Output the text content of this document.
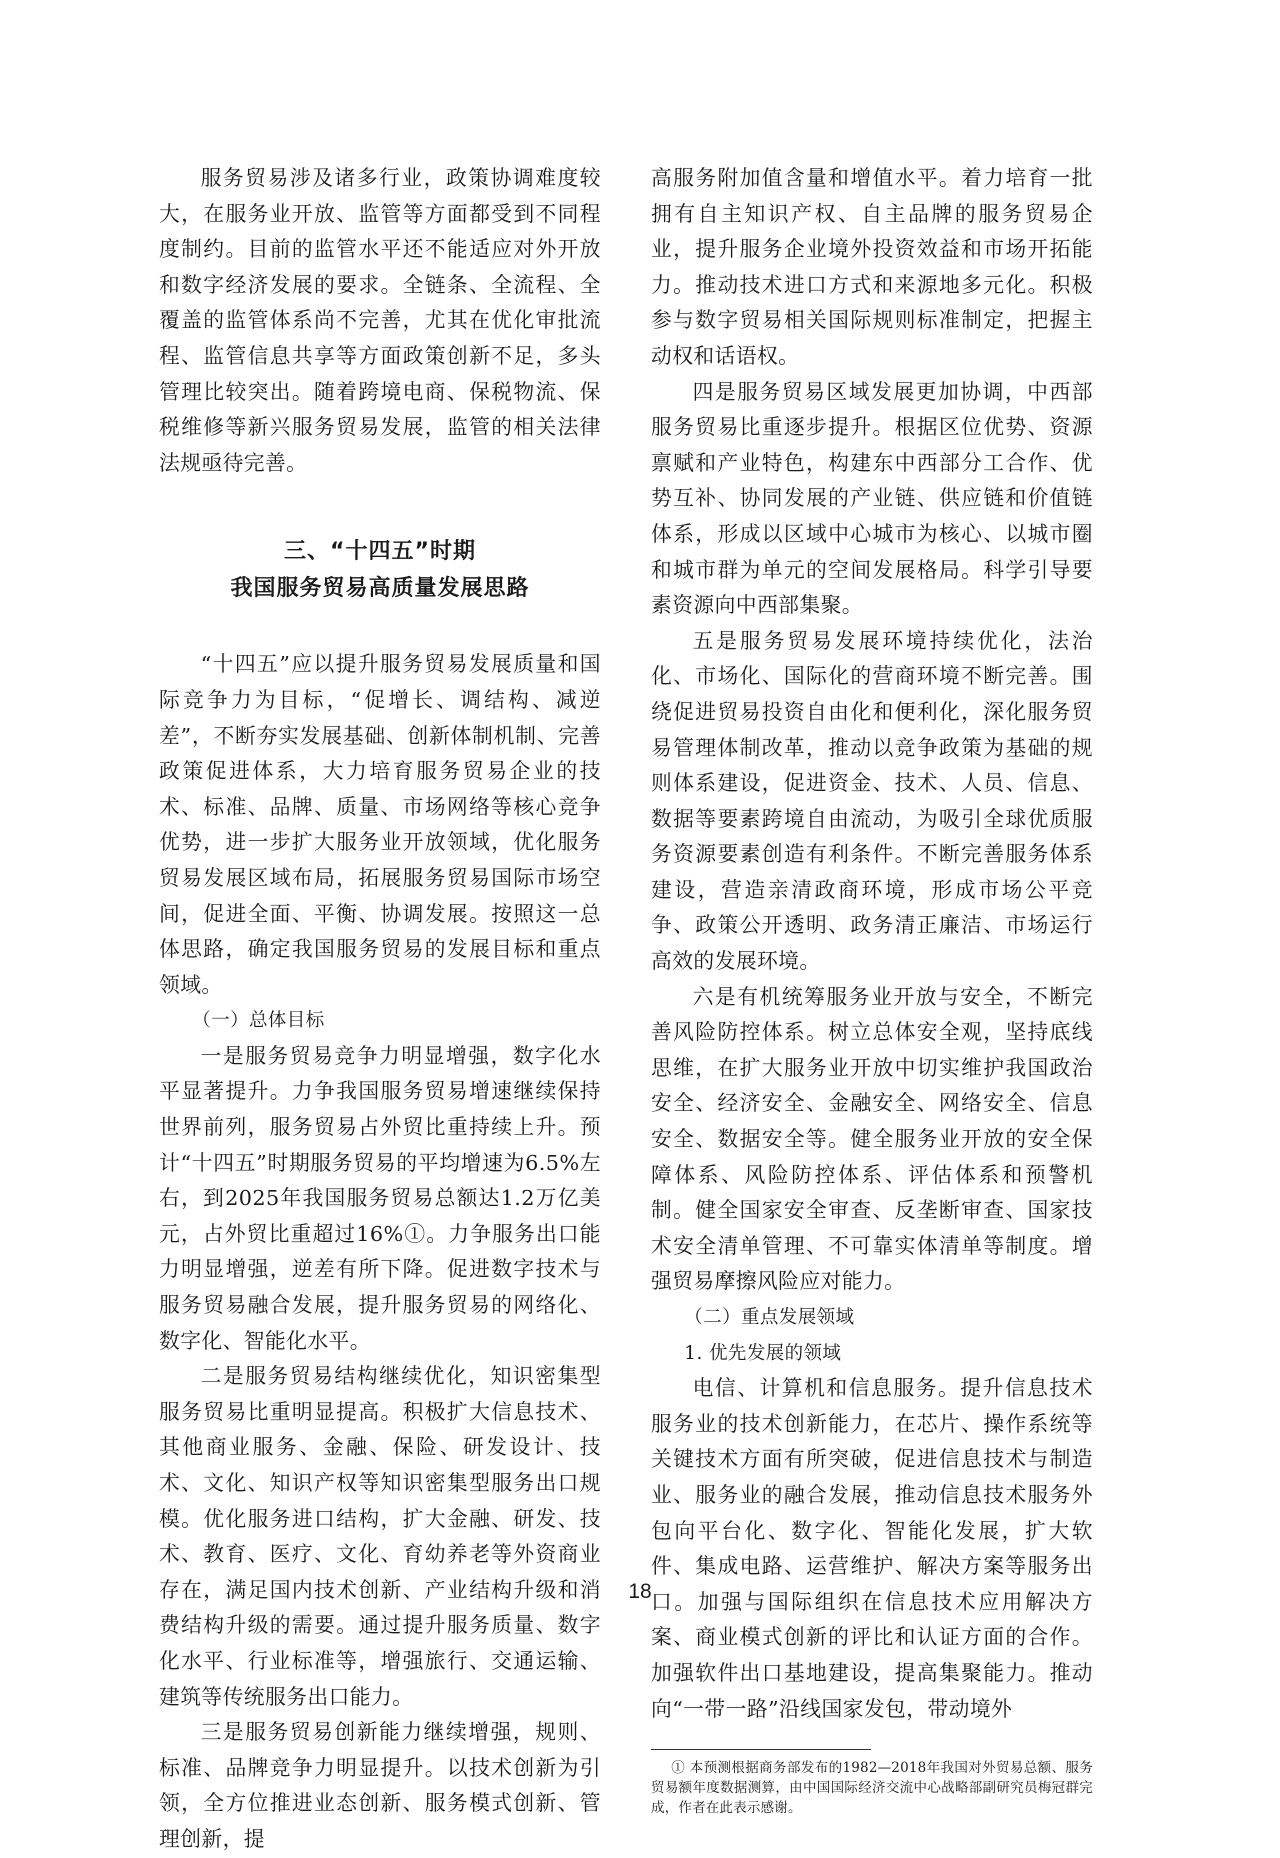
服务贸易涉及诸多行业，政策协调难度较大，在服务业开放、监管等方面都受到不同程度制约。目前的监管水平还不能适应对外开放和数字经济发展的要求。全链条、全流程、全覆盖的监管体系尚不完善，尤其在优化审批流程、监管信息共享等方面政策创新不足，多头管理比较突出。随着跨境电商、保税物流、保税维修等新兴服务贸易发展，监管的相关法律法规亟待完善。

三、“十四五”时期
我国服务贸易高质量发展思路

“十四五”应以提升服务贸易发展质量和国际竞争力为目标，“促增长、调结构、减逆差”，不断夯实发展基础、创新体制机制、完善政策促进体系，大力培育服务贸易企业的技术、标准、品牌、质量、市场网络等核心竞争优势，进一步扩大服务业开放领域，优化服务贸易发展区域布局，拓展服务贸易国际市场空间，促进全面、平衡、协调发展。按照这一总体思路，确定我国服务贸易的发展目标和重点领域。

（一）总体目标

一是服务贸易竞争力明显增强，数字化水平显著提升。力争我国服务贸易增速继续保持世界前列，服务贸易占外贸比重持续上升。预计“十四五”时期服务贸易的平均增速为6.5%左右，到2025年我国服务贸易总额达1.2万亿美元，占外贸比重超过16%①。力争服务出口能力明显增强，逆差有所下降。促进数字技术与服务贸易融合发展，提升服务贸易的网络化、数字化、智能化水平。

二是服务贸易结构继续优化，知识密集型服务贸易比重明显提高。积极扩大信息技术、其他商业服务、金融、保险、研发设计、技术、文化、知识产权等知识密集型服务出口规模。优化服务进口结构，扩大金融、研发、技术、教育、医疗、文化、育幼养老等外资商业存在，满足国内技术创新、产业结构升级和消费结构升级的需要。通过提升服务质量、数字化水平、行业标准等，增强旅行、交通运输、建筑等传统服务出口能力。

三是服务贸易创新能力继续增强，规则、标准、品牌竞争力明显提升。以技术创新为引领，全方位推进业态创新、服务模式创新、管理创新，提

高服务附加值含量和增值水平。着力培育一批拥有自主知识产权、自主品牌的服务贸易企业，提升服务企业境外投资效益和市场开拓能力。推动技术进口方式和来源地多元化。积极参与数字贸易相关国际规则标准制定，把握主动权和话语权。

四是服务贸易区域发展更加协调，中西部服务贸易比重逐步提升。根据区位优势、资源禀赋和产业特色，构建东中西部分工合作、优势互补、协同发展的产业链、供应链和价值链体系，形成以区域中心城市为核心、以城市圈和城市群为单元的空间发展格局。科学引导要素资源向中西部集聚。

五是服务贸易发展环境持续优化，法治化、市场化、国际化的营商环境不断完善。围绕促进贸易投资自由化和便利化，深化服务贸易管理体制改革，推动以竞争政策为基础的规则体系建设，促进资金、技术、人员、信息、数据等要素跨境自由流动，为吸引全球优质服务资源要素创造有利条件。不断完善服务体系建设，营造亲清政商环境，形成市场公平竞争、政策公开透明、政务清正廉洁、市场运行高效的发展环境。

六是有机统筹服务业开放与安全，不断完善风险防控体系。树立总体安全观，坚持底线思维，在扩大服务业开放中切实维护我国政治安全、经济安全、金融安全、网络安全、信息安全、数据安全等。健全服务业开放的安全保障体系、风险防控体系、评估体系和预警机制。健全国家安全审查、反垄断审查、国家技术安全清单管理、不可靠实体清单等制度。增强贸易摩擦风险应对能力。

（二）重点发展领域

1. 优先发展的领域

电信、计算机和信息服务。提升信息技术服务业的技术创新能力，在芯片、操作系统等关键技术方面有所突破，促进信息技术与制造业、服务业的融合发展，推动信息技术服务外包向平台化、数字化、智能化发展，扩大软件、集成电路、运营维护、解决方案等服务出口。加强与国际组织在信息技术应用解决方案、商业模式创新的评比和认证方面的合作。加强软件出口基地建设，提高集聚能力。推动向“一带一路”沿线国家发包，带动境外

① 本预测根据商务部发布的1982—2018年我国对外贸易总额、服务贸易额年度数据测算，由中国国际经济交流中心战略部副研究员梅冠群完成，作者在此表示感谢。

18
